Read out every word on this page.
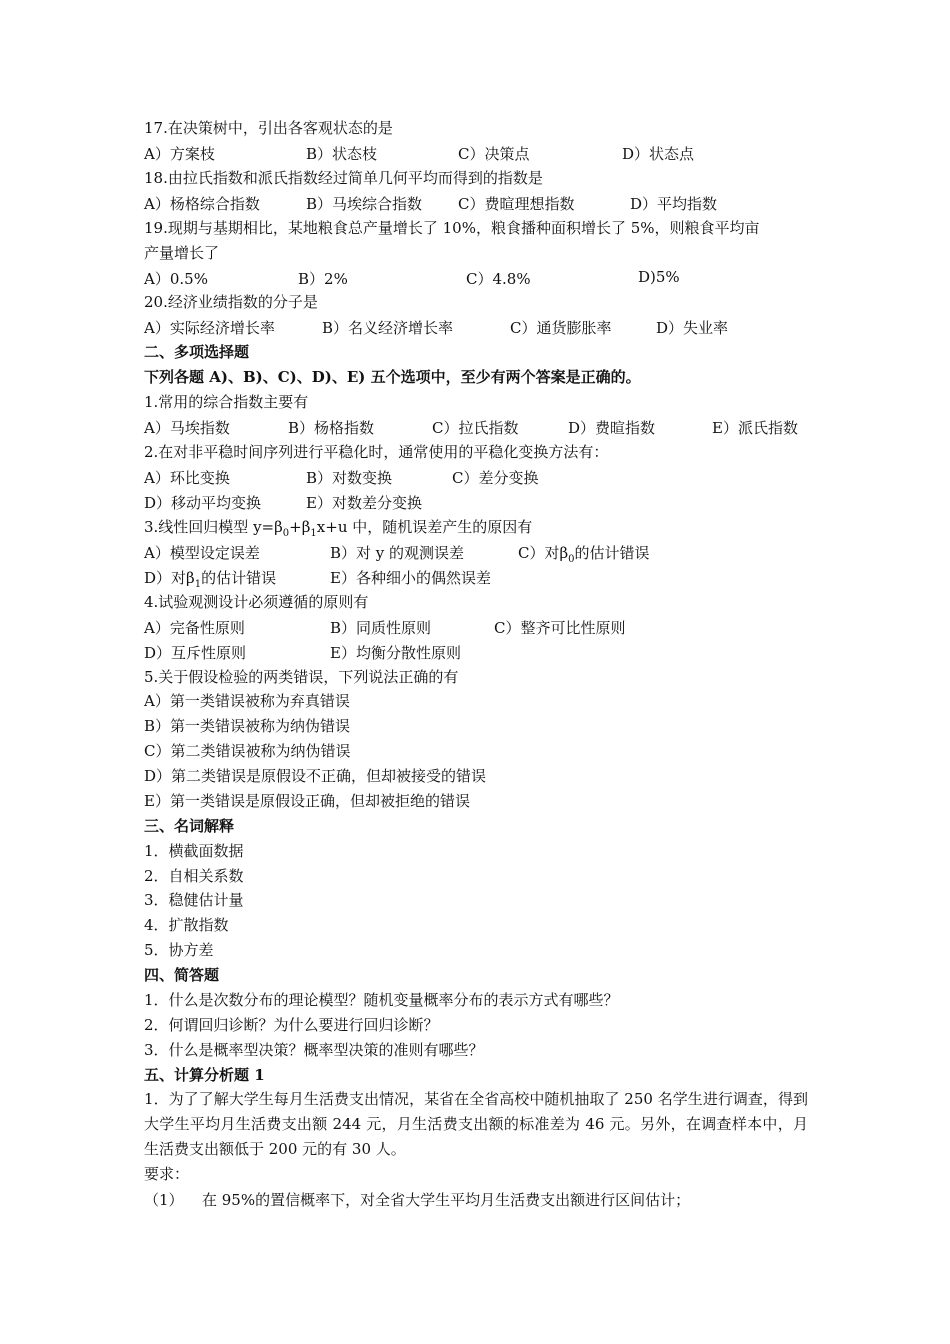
17.在决策树中，引出各客观状态的是
A）方案枝	B）状态枝	C）决策点	D）状态点
18.由拉氏指数和派氏指数经过简单几何平均而得到的指数是
A）杨格综合指数	B）马埃综合指数 C）费暄理想指数	D）平均指数
19.现期与基期相比，某地粮食总产量增长了 10%，粮食播种面积增长了 5%，则粮食平均亩
产量增长了
A）0.5%	B）2%	C）4.8%	D)5%
20.经济业绩指数的分子是
A）实际经济增长率	B）名义经济增长率	C）通货膨胀率	D）失业率
二、多项选择题
下列各题 A)、B)、C)、D)、E) 五个选项中，至少有两个答案是正确的。
1.常用的综合指数主要有
A）马埃指数	B）杨格指数	C）拉氏指数	D）费暄指数	E）派氏指数
2.在对非平稳时间序列进行平稳化时，通常使用的平稳化变换方法有：
A）环比变换	B）对数变换	C）差分变换
D）移动平均变换	E）对数差分变换
3.线性回归模型 $y=\beta_0+\beta_1x+u$ 中，随机误差产生的原因有
A）模型设定误差	B）对 y 的观测误差	C）对$\beta_0$的估计错误
D）对$\beta_1$的估计错误	E）各种细小的偶然误差
4.试验观测设计必须遵循的原则有
A）完备性原则	B）同质性原则	C）整齐可比性原则
D）互斥性原则	E）均衡分散性原则
5.关于假设检验的两类错误，下列说法正确的有
A）第一类错误被称为弃真错误
B）第一类错误被称为纳伪错误
C）第二类错误被称为纳伪错误
D）第二类错误是原假设不正确，但却被接受的错误
E）第一类错误是原假设正确，但却被拒绝的错误
三、名词解释
1．横截面数据
2．自相关系数
3．稳健估计量
4．扩散指数
5．协方差
四、简答题
1．什么是次数分布的理论模型？随机变量概率分布的表示方式有哪些？
2．何谓回归诊断？为什么要进行回归诊断？
3．什么是概率型决策？概率型决策的准则有哪些？
五、计算分析题 1
1．为了了解大学生每月生活费支出情况，某省在全省高校中随机抽取了 250 名学生进行调查，得到大学生平均月生活费支出额 244 元，月生活费支出额的标准差为 46 元。另外，在调查样本中，月生活费支出额低于 200 元的有 30 人。
要求：
（1） 在 95%的置信概率下，对全省大学生平均月生活费支出额进行区间估计；
